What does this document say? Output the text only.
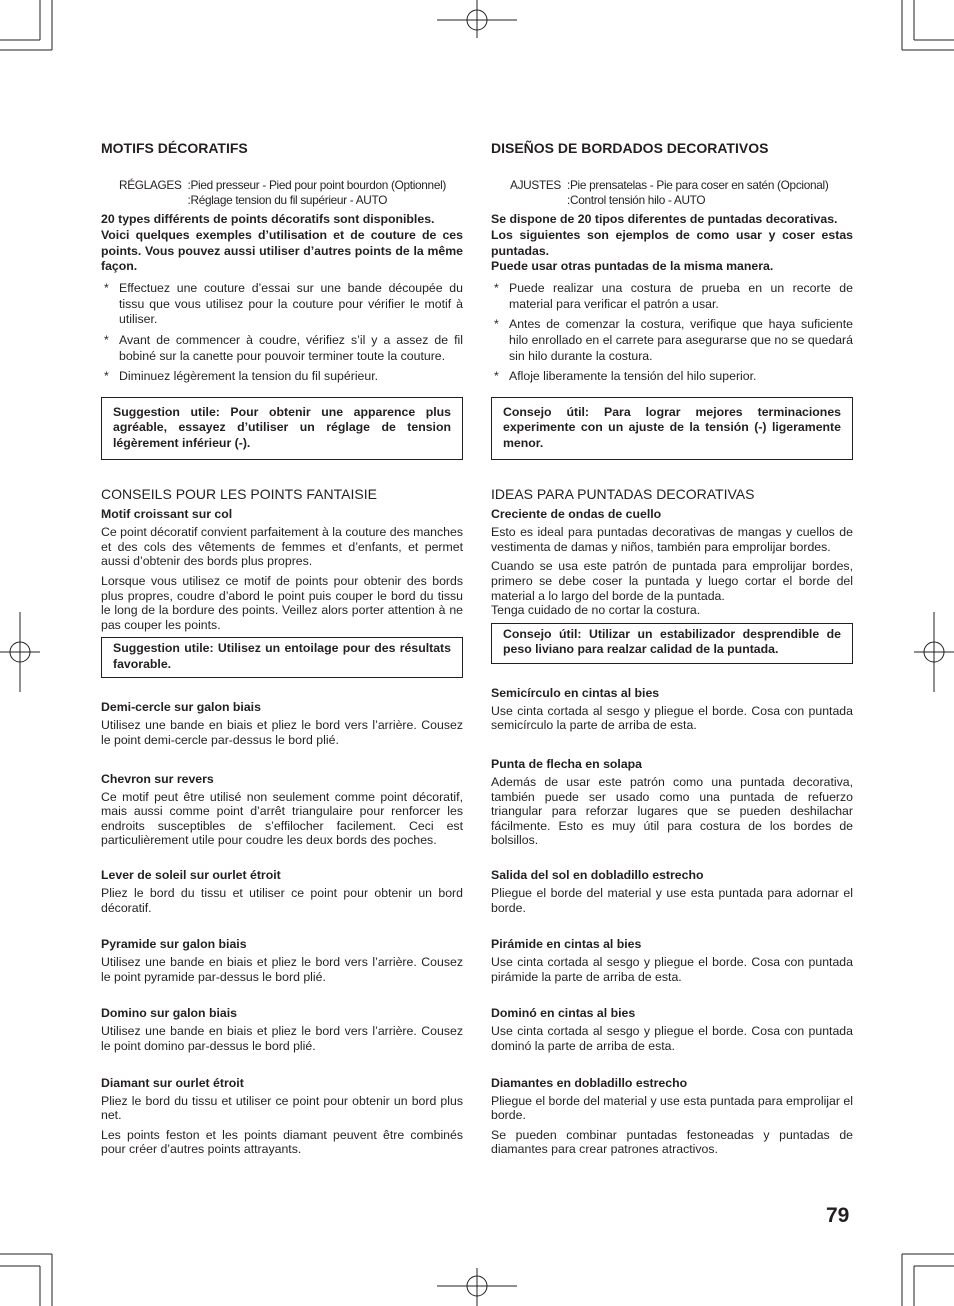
MOTIFS DÉCORATIFS
RÉGLAGES :Pied presseur - Pied pour point bourdon (Optionnel)
:Réglage tension du fil supérieur - AUTO

20 types différents de points décoratifs sont disponibles.

Voici quelques exemples d’utilisation et de couture de ces points. Vous pouvez aussi utiliser d’autres points de la même façon.

* Effectuez une couture d’essai sur une bande découpée du tissu que vous utilisez pour la couture pour vérifier le motif à utiliser.
* Avant de commencer à coudre, vérifiez s’il y a assez de fil bobiné sur la canette pour pouvoir terminer toute la couture.
* Diminuez légèrement la tension du fil supérieur.
Suggestion utile: Pour obtenir une apparence plus agréable, essayez d’utiliser un réglage de tension légèrement inférieur (-).
CONSEILS POUR LES POINTS FANTAISIE
Motif croissant sur col

Ce point décoratif convient parfaitement à la couture des manches et des cols des vêtements de femmes et d’enfants, et permet aussi d’obtenir des bords plus propres.

Lorsque vous utilisez ce motif de points pour obtenir des bords plus propres, coudre d’abord le point puis couper le bord du tissu le long de la bordure des points. Veillez alors porter attention à ne pas couper les points.

Suggestion utile: Utilisez un entoilage pour des résultats favorable.
Demi-cercle sur galon biais

Utilisez une bande en biais et pliez le bord vers l’arrière. Cousez le point demi-cercle par-dessus le bord plié.

Chevron sur revers

Ce motif peut être utilisé non seulement comme point décoratif, mais aussi comme point d’arrêt triangulaire pour renforcer les endroits susceptibles de s’effilocher facilement. Ceci est particulièrement utile pour coudre les deux bords des poches.

Lever de soleil sur ourlet étroit

Pliez le bord du tissu et utiliser ce point pour obtenir un bord décoratif.

Pyramide sur galon biais

Utilisez une bande en biais et pliez le bord vers l’arrière. Cousez le point pyramide par-dessus le bord plié.

Domino sur galon biais

Utilisez une bande en biais et pliez le bord vers l’arrière. Cousez le point domino par-dessus le bord plié.

Diamant sur ourlet étroit

Pliez le bord du tissu et utiliser ce point pour obtenir un bord plus net.

Les points feston et les points diamant peuvent être combinés pour créer d’autres points attrayants.

DISEÑOS DE BORDADOS DECORATIVOS
AJUSTES :Pie prensatelas - Pie para coser en satén (Opcional)
:Control tensión hilo - AUTO

Se dispone de 20 tipos diferentes de puntadas decorativas.

Los siguientes son ejemplos de como usar y coser estas puntadas.

Puede usar otras puntadas de la misma manera.

* Puede realizar una costura de prueba en un recorte de material para verificar el patrón a usar.
* Antes de comenzar la costura, verifique que haya suficiente hilo enrollado en el carrete para asegurarse que no se quedará sin hilo durante la costura.
* Afloje liberamente la tensión del hilo superior.
Consejo útil: Para lograr mejores terminaciones experimente con un ajuste de la tensión (-) ligeramente menor.
IDEAS PARA PUNTADAS DECORATIVAS
Creciente de ondas de cuello

Esto es ideal para puntadas decorativas de mangas y cuellos de vestimenta de damas y niños, también para emprolijar bordes.

Cuando se usa este patrón de puntada para emprolijar bordes, primero se debe coser la puntada y luego cortar el borde del material a lo largo del borde de la puntada.

Tenga cuidado de no cortar la costura.

Consejo útil: Utilizar un estabilizador desprendible de peso liviano para realzar calidad de la puntada.
Semicírculo en cintas al bies

Use cinta cortada al sesgo y pliegue el borde. Cosa con puntada semicírculo la parte de arriba de esta.

Punta de flecha en solapa

Además de usar este patrón como una puntada decorativa, también puede ser usado como una puntada de refuerzo triangular para reforzar lugares que se pueden deshilachar fácilmente. Esto es muy útil para costura de los bordes de bolsillos.

Salida del sol en dobladillo estrecho

Pliegue el borde del material y use esta puntada para adornar el borde.

Pirámide en cintas al bies

Use cinta cortada al sesgo y pliegue el borde. Cosa con puntada pirámide la parte de arriba de esta.

Dominó en cintas al bies

Use cinta cortada al sesgo y pliegue el borde. Cosa con puntada dominó la parte de arriba de esta.

Diamantes en dobladillo estrecho

Pliegue el borde del material y use esta puntada para emprolijar el borde.

Se pueden combinar puntadas festoneadas y puntadas de diamantes para crear patrones atractivos.

79
